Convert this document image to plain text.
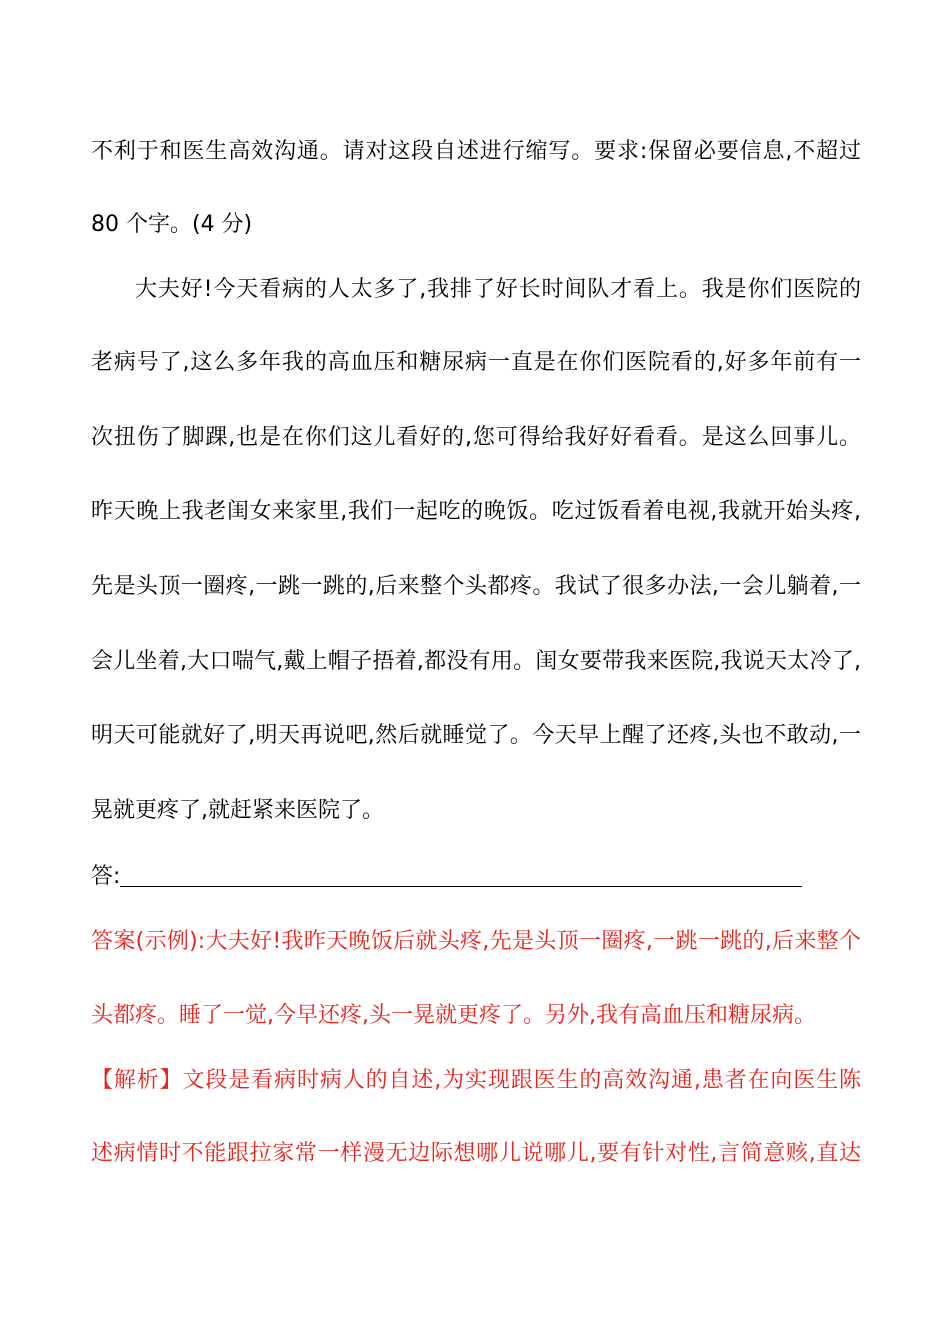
不利于和医生高效沟通。请对这段自述进行缩写。要求:保留必要信息,不超过
80 个字。(4 分)
大夫好!今天看病的人太多了,我排了好长时间队才看上。我是你们医院的
老病号了,这么多年我的高血压和糖尿病一直是在你们医院看的,好多年前有一
次扭伤了脚踝,也是在你们这儿看好的,您可得给我好好看看。是这么回事儿。
昨天晚上我老闺女来家里,我们一起吃的晚饭。吃过饭看着电视,我就开始头疼,
先是头顶一圈疼,一跳一跳的,后来整个头都疼。我试了很多办法,一会儿躺着,一
会儿坐着,大口喘气,戴上帽子捂着,都没有用。闺女要带我来医院,我说天太冷了,
明天可能就好了,明天再说吧,然后就睡觉了。今天早上醒了还疼,头也不敢动,一
晃就更疼了,就赶紧来医院了。
答:
答案(示例):大夫好!我昨天晚饭后就头疼,先是头顶一圈疼,一跳一跳的,后来整个
头都疼。睡了一觉,今早还疼,头一晃就更疼了。另外,我有高血压和糖尿病。
【解析】文段是看病时病人的自述,为实现跟医生的高效沟通,患者在向医生陈
述病情时不能跟拉家常一样漫无边际想哪儿说哪儿,要有针对性,言简意赅,直达
